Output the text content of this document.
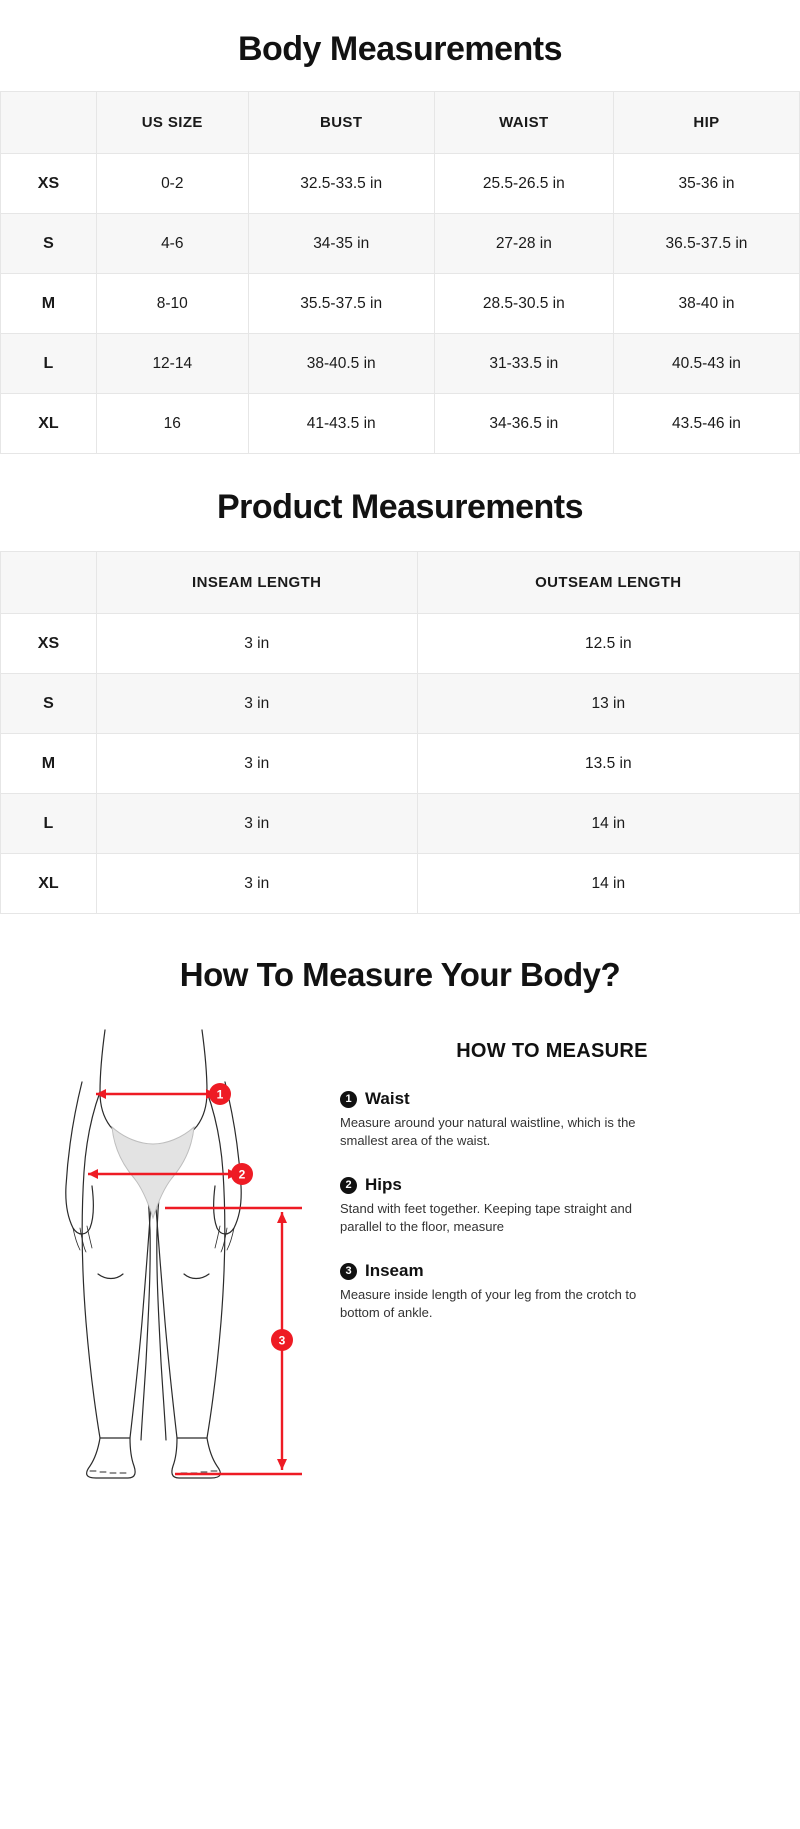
Body Measurements
	US SIZE	BUST	WAIST	HIP
XS	0-2	32.5-33.5 in	25.5-26.5 in	35-36 in
S	4-6	34-35 in	27-28 in	36.5-37.5 in
M	8-10	35.5-37.5 in	28.5-30.5 in	38-40 in
L	12-14	38-40.5 in	31-33.5 in	40.5-43 in
XL	16	41-43.5 in	34-36.5 in	43.5-46 in
Product Measurements
	INSEAM LENGTH	OUTSEAM LENGTH
XS	3 in	12.5 in
S	3 in	13 in
M	3 in	13.5 in
L	3 in	14 in
XL	3 in	14 in
How To Measure Your Body?
1
2
3
HOW TO MEASURE
1 Waist

Measure around your natural waistline, which is the smallest area of the waist.

2 Hips

Stand with feet together. Keeping tape straight and parallel to the floor, measure

3 Inseam

Measure inside length of your leg from the crotch to bottom of ankle.
